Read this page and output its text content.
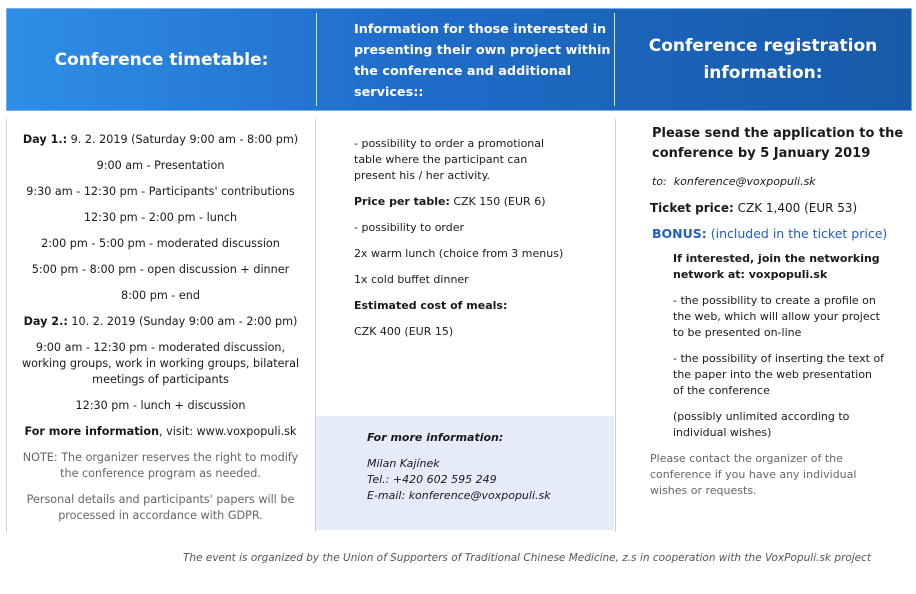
Conference timetable:
Information for those interested in presenting their own project within the conference and additional services::
Conference registration
information:

Day 1.: 9. 2. 2019 (Saturday 9:00 am - 8:00 pm)

9:00 am - Presentation

9:30 am - 12:30 pm - Participants' contributions

12:30 pm - 2:00 pm - lunch

2:00 pm - 5:00 pm - moderated discussion

5:00 pm - 8:00 pm - open discussion + dinner

8:00 pm - end

Day 2.: 10. 2. 2019 (Sunday 9:00 am - 2:00 pm)

9:00 am - 12:30 pm - moderated discussion,
working groups, work in working groups, bilateral
meetings of participants

12:30 pm - lunch + discussion

For more information, visit: www.voxpopuli.sk

NOTE: The organizer reserves the right to modify
the conference program as needed.

Personal details and participants' papers will be
processed in accordance with GDPR.

- possibility to order a promotional
table where the participant can
present his / her activity.

Price per table: CZK 150 (EUR 6)

- possibility to order

2x warm lunch (choice from 3 menus)

1x cold buffet dinner

Estimated cost of meals:

CZK 400 (EUR 15)

For more information:

Milan Kajínek

Tel.: +420 602 595 249

E-mail: konference@voxpopuli.sk

Please send the application to the
conference by 5 January 2019

to: konference@voxpopuli.sk

Ticket price: CZK 1,400 (EUR 53)

BONUS: (included in the ticket price)

If interested, join the networking
network at: voxpopuli.sk

- the possibility to create a profile on
the web, which will allow your project
to be presented on-line

- the possibility of inserting the text of
the paper into the web presentation
of the conference

(possibly unlimited according to
individual wishes)

Please contact the organizer of the
conference if you have any individual
wishes or requests.

The event is organized by the Union of Supporters of Traditional Chinese Medicine, z.s in cooperation with the VoxPopuli.sk project
